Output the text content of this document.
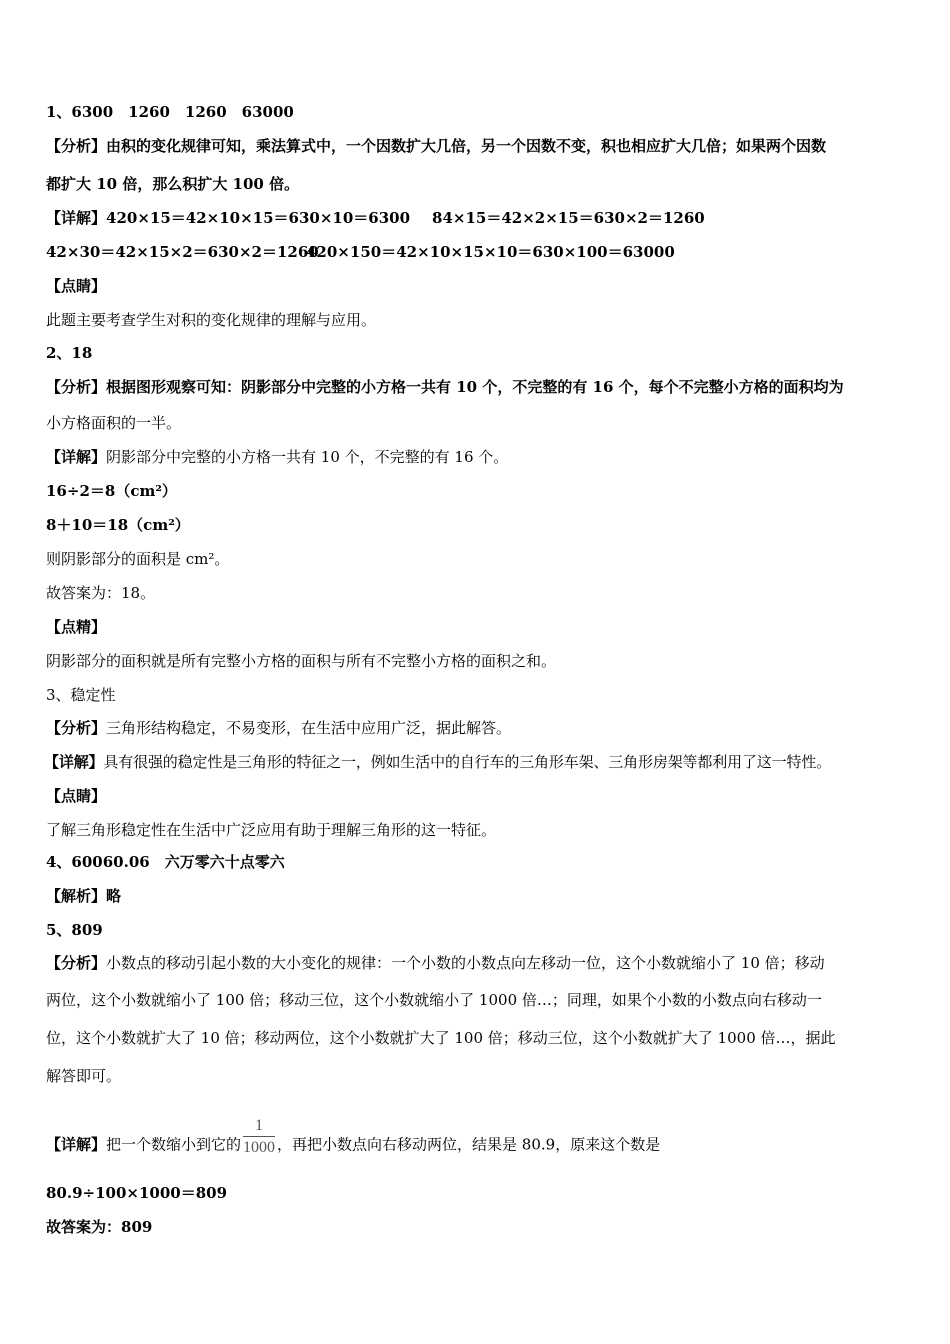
1、6300　1260　1260　63000
【分析】由积的变化规律可知，乘法算式中，一个因数扩大几倍，另一个因数不变，积也相应扩大几倍；如果两个因数
都扩大 10 倍，那么积扩大 100 倍。
【详解】420×15＝42×10×15＝630×10＝6300 84×15＝42×2×15＝630×2＝1260
42×30＝42×15×2＝630×2＝1260420×150＝42×10×15×10＝630×100＝63000
【点睛】
此题主要考查学生对积的变化规律的理解与应用。
2、18
【分析】根据图形观察可知：阴影部分中完整的小方格一共有 10 个，不完整的有 16 个，每个不完整小方格的面积均为
小方格面积的一半。
【详解】阴影部分中完整的小方格一共有 10 个，不完整的有 16 个。
16÷2＝8（cm²）
8＋10＝18（cm²）
则阴影部分的面积是 cm²。
故答案为：18。
【点精】
阴影部分的面积就是所有完整小方格的面积与所有不完整小方格的面积之和。
3、稳定性
【分析】三角形结构稳定，不易变形，在生活中应用广泛，据此解答。
【详解】具有很强的稳定性是三角形的特征之一，例如生活中的自行车的三角形车架、三角形房架等都利用了这一特性。
【点睛】
了解三角形稳定性在生活中广泛应用有助于理解三角形的这一特征。
4、60060.06　六万零六十点零六
【解析】略
5、809
【分析】小数点的移动引起小数的大小变化的规律：一个小数的小数点向左移动一位，这个小数就缩小了 10 倍；移动
两位，这个小数就缩小了 100 倍；移动三位，这个小数就缩小了 1000 倍…；同理，如果个小数的小数点向右移动一
位，这个小数就扩大了 10 倍；移动两位，这个小数就扩大了 100 倍；移动三位，这个小数就扩大了 1000 倍…，据此
解答即可。
【详解】把一个数缩小到它的 $\frac{1}{1000}$ ，再把小数点向右移动两位，结果是 80.9，原来这个数是
80.9÷100×1000＝809
故答案为：809
